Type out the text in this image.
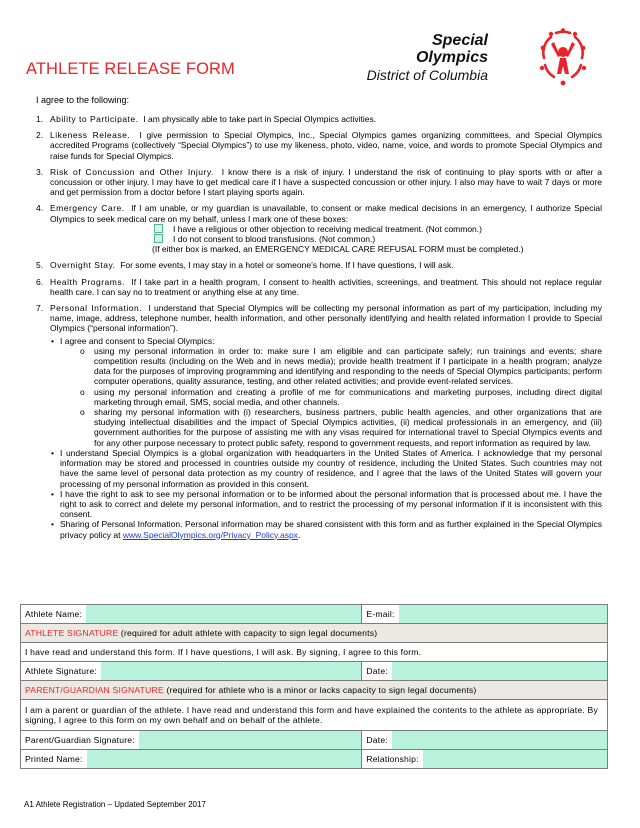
ATHLETE RELEASE FORM
Special
Olympics
District of Columbia
I agree to the following:
1. Ability to Participate. I am physically able to take part in Special Olympics activities.
2. Likeness Release. I give permission to Special Olympics, Inc., Special Olympics games organizing committees, and Special Olympics accredited Programs (collectively “Special Olympics”) to use my likeness, photo, video, name, voice, and words to promote Special Olympics and raise funds for Special Olympics.
3. Risk of Concussion and Other Injury. I know there is a risk of injury. I understand the risk of continuing to play sports with or after a concussion or other injury. I may have to get medical care if I have a suspected concussion or other injury. I also may have to wait 7 days or more and get permission from a doctor before I start playing sports again.
4. Emergency Care. If I am unable, or my guardian is unavailable, to consent or make medical decisions in an emergency, I authorize Special Olympics to seek medical care on my behalf, unless I mark one of these boxes:
I have a religious or other objection to receiving medical treatment. (Not common.)
I do not consent to blood transfusions. (Not common.)
(If either box is marked, an EMERGENCY MEDICAL CARE REFUSAL FORM must be completed.)
5. Overnight Stay. For some events, I may stay in a hotel or someone’s home. If I have questions, I will ask.
6. Health Programs. If I take part in a health program, I consent to health activities, screenings, and treatment. This should not replace regular health care. I can say no to treatment or anything else at any time.
7. Personal Information. I understand that Special Olympics will be collecting my personal information as part of my participation, including my name, image, address, telephone number, health information, and other personally identifying and health related information I provide to Special Olympics (“personal information”).
• I agree and consent to Special Olympics:
o using my personal information in order to: make sure I am eligible and can participate safely; run trainings and events; share competition results (including on the Web and in news media); provide health treatment if I participate in a health program; analyze data for the purposes of improving programming and identifying and responding to the needs of Special Olympics participants; perform computer operations, quality assurance, testing, and other related activities; and provide event-related services.
o using my personal information and creating a profile of me for communications and marketing purposes, including direct digital marketing through email, SMS, social media, and other channels.
o sharing my personal information with (i) researchers, business partners, public health agencies, and other organizations that are studying intellectual disabilities and the impact of Special Olympics activities, (ii) medical professionals in an emergency, and (iii) government authorities for the purpose of assisting me with any visas required for international travel to Special Olympics events and for any other purpose necessary to protect public safety, respond to government requests, and report information as required by law.
• I understand Special Olympics is a global organization with headquarters in the United States of America. I acknowledge that my personal information may be stored and processed in countries outside my country of residence, including the United States. Such countries may not have the same level of personal data protection as my country of residence, and I agree that the laws of the United States will govern your processing of my personal information as provided in this consent.
• I have the right to ask to see my personal information or to be informed about the personal information that is processed about me. I have the right to ask to correct and delete my personal information, and to restrict the processing of my personal information if it is inconsistent with this consent.
• Sharing of Personal Information. Personal information may be shared consistent with this form and as further explained in the Special Olympics privacy policy at www.SpecialOlympics.org/Privacy_Policy.aspx.
Athlete Name:	E-mail:

ATHLETE SIGNATURE (required for adult athlete with capacity to sign legal documents)	
I have read and understand this form. If I have questions, I will ask. By signing, I agree to this form.	

Athlete Signature:	Date:

PARENT/GUARDIAN SIGNATURE (required for athlete who is a minor or lacks capacity to sign legal documents)	
I am a parent or guardian of the athlete. I have read and understand this form and have explained the contents to the athlete as appropriate. By signing, I agree to this form on my own behalf and on behalf of the athlete.	

Parent/Guardian Signature:	Date:

Printed Name:	Relationship:
A1 Athlete Registration – Updated September 2017
